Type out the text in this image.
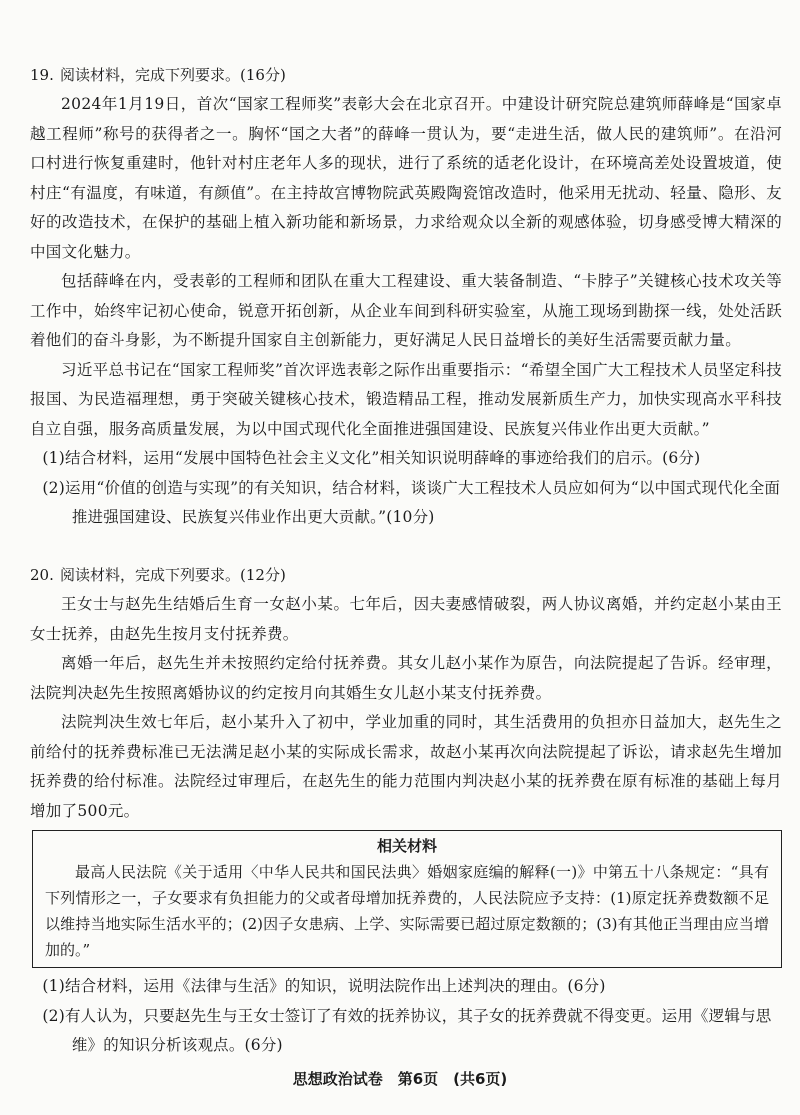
19. 阅读材料，完成下列要求。(16分)

2024年1月19日，首次“国家工程师奖”表彰大会在北京召开。中建设计研究院总建筑师薛峰是“国家卓越工程师”称号的获得者之一。胸怀“国之大者”的薛峰一贯认为，要“走进生活，做人民的建筑师”。在沿河口村进行恢复重建时，他针对村庄老年人多的现状，进行了系统的适老化设计，在环境高差处设置坡道，使村庄“有温度，有味道，有颜值”。在主持故宫博物院武英殿陶瓷馆改造时，他采用无扰动、轻量、隐形、友好的改造技术，在保护的基础上植入新功能和新场景，力求给观众以全新的观感体验，切身感受博大精深的中国文化魅力。

包括薛峰在内，受表彰的工程师和团队在重大工程建设、重大装备制造、“卡脖子”关键核心技术攻关等工作中，始终牢记初心使命，锐意开拓创新，从企业车间到科研实验室，从施工现场到勘探一线，处处活跃着他们的奋斗身影，为不断提升国家自主创新能力，更好满足人民日益增长的美好生活需要贡献力量。

习近平总书记在“国家工程师奖”首次评选表彰之际作出重要指示：“希望全国广大工程技术人员坚定科技报国、为民造福理想，勇于突破关键核心技术，锻造精品工程，推动发展新质生产力，加快实现高水平科技自立自强，服务高质量发展，为以中国式现代化全面推进强国建设、民族复兴伟业作出更大贡献。”

(1)结合材料，运用“发展中国特色社会主义文化”相关知识说明薛峰的事迹给我们的启示。(6分)

(2)运用“价值的创造与实现”的有关知识，结合材料，谈谈广大工程技术人员应如何为“以中国式现代化全面推进强国建设、民族复兴伟业作出更大贡献。”(10分)

20. 阅读材料，完成下列要求。(12分)

王女士与赵先生结婚后生育一女赵小某。七年后，因夫妻感情破裂，两人协议离婚，并约定赵小某由王女士抚养，由赵先生按月支付抚养费。

离婚一年后，赵先生并未按照约定给付抚养费。其女儿赵小某作为原告，向法院提起了告诉。经审理，法院判决赵先生按照离婚协议的约定按月向其婚生女儿赵小某支付抚养费。

法院判决生效七年后，赵小某升入了初中，学业加重的同时，其生活费用的负担亦日益加大，赵先生之前给付的抚养费标准已无法满足赵小某的实际成长需求，故赵小某再次向法院提起了诉讼，请求赵先生增加抚养费的给付标准。法院经过审理后，在赵先生的能力范围内判决赵小某的抚养费在原有标准的基础上每月增加了500元。

相关材料

最高人民法院《关于适用〈中华人民共和国民法典〉婚姻家庭编的解释(一)》中第五十八条规定：“具有下列情形之一，子女要求有负担能力的父或者母增加抚养费的，人民法院应予支持：(1)原定抚养费数额不足以维持当地实际生活水平的；(2)因子女患病、上学、实际需要已超过原定数额的；(3)有其他正当理由应当增加的。”

(1)结合材料，运用《法律与生活》的知识，说明法院作出上述判决的理由。(6分)

(2)有人认为，只要赵先生与王女士签订了有效的抚养协议，其子女的抚养费就不得变更。运用《逻辑与思维》的知识分析该观点。(6分)

思想政治试卷　第6页　(共6页)
